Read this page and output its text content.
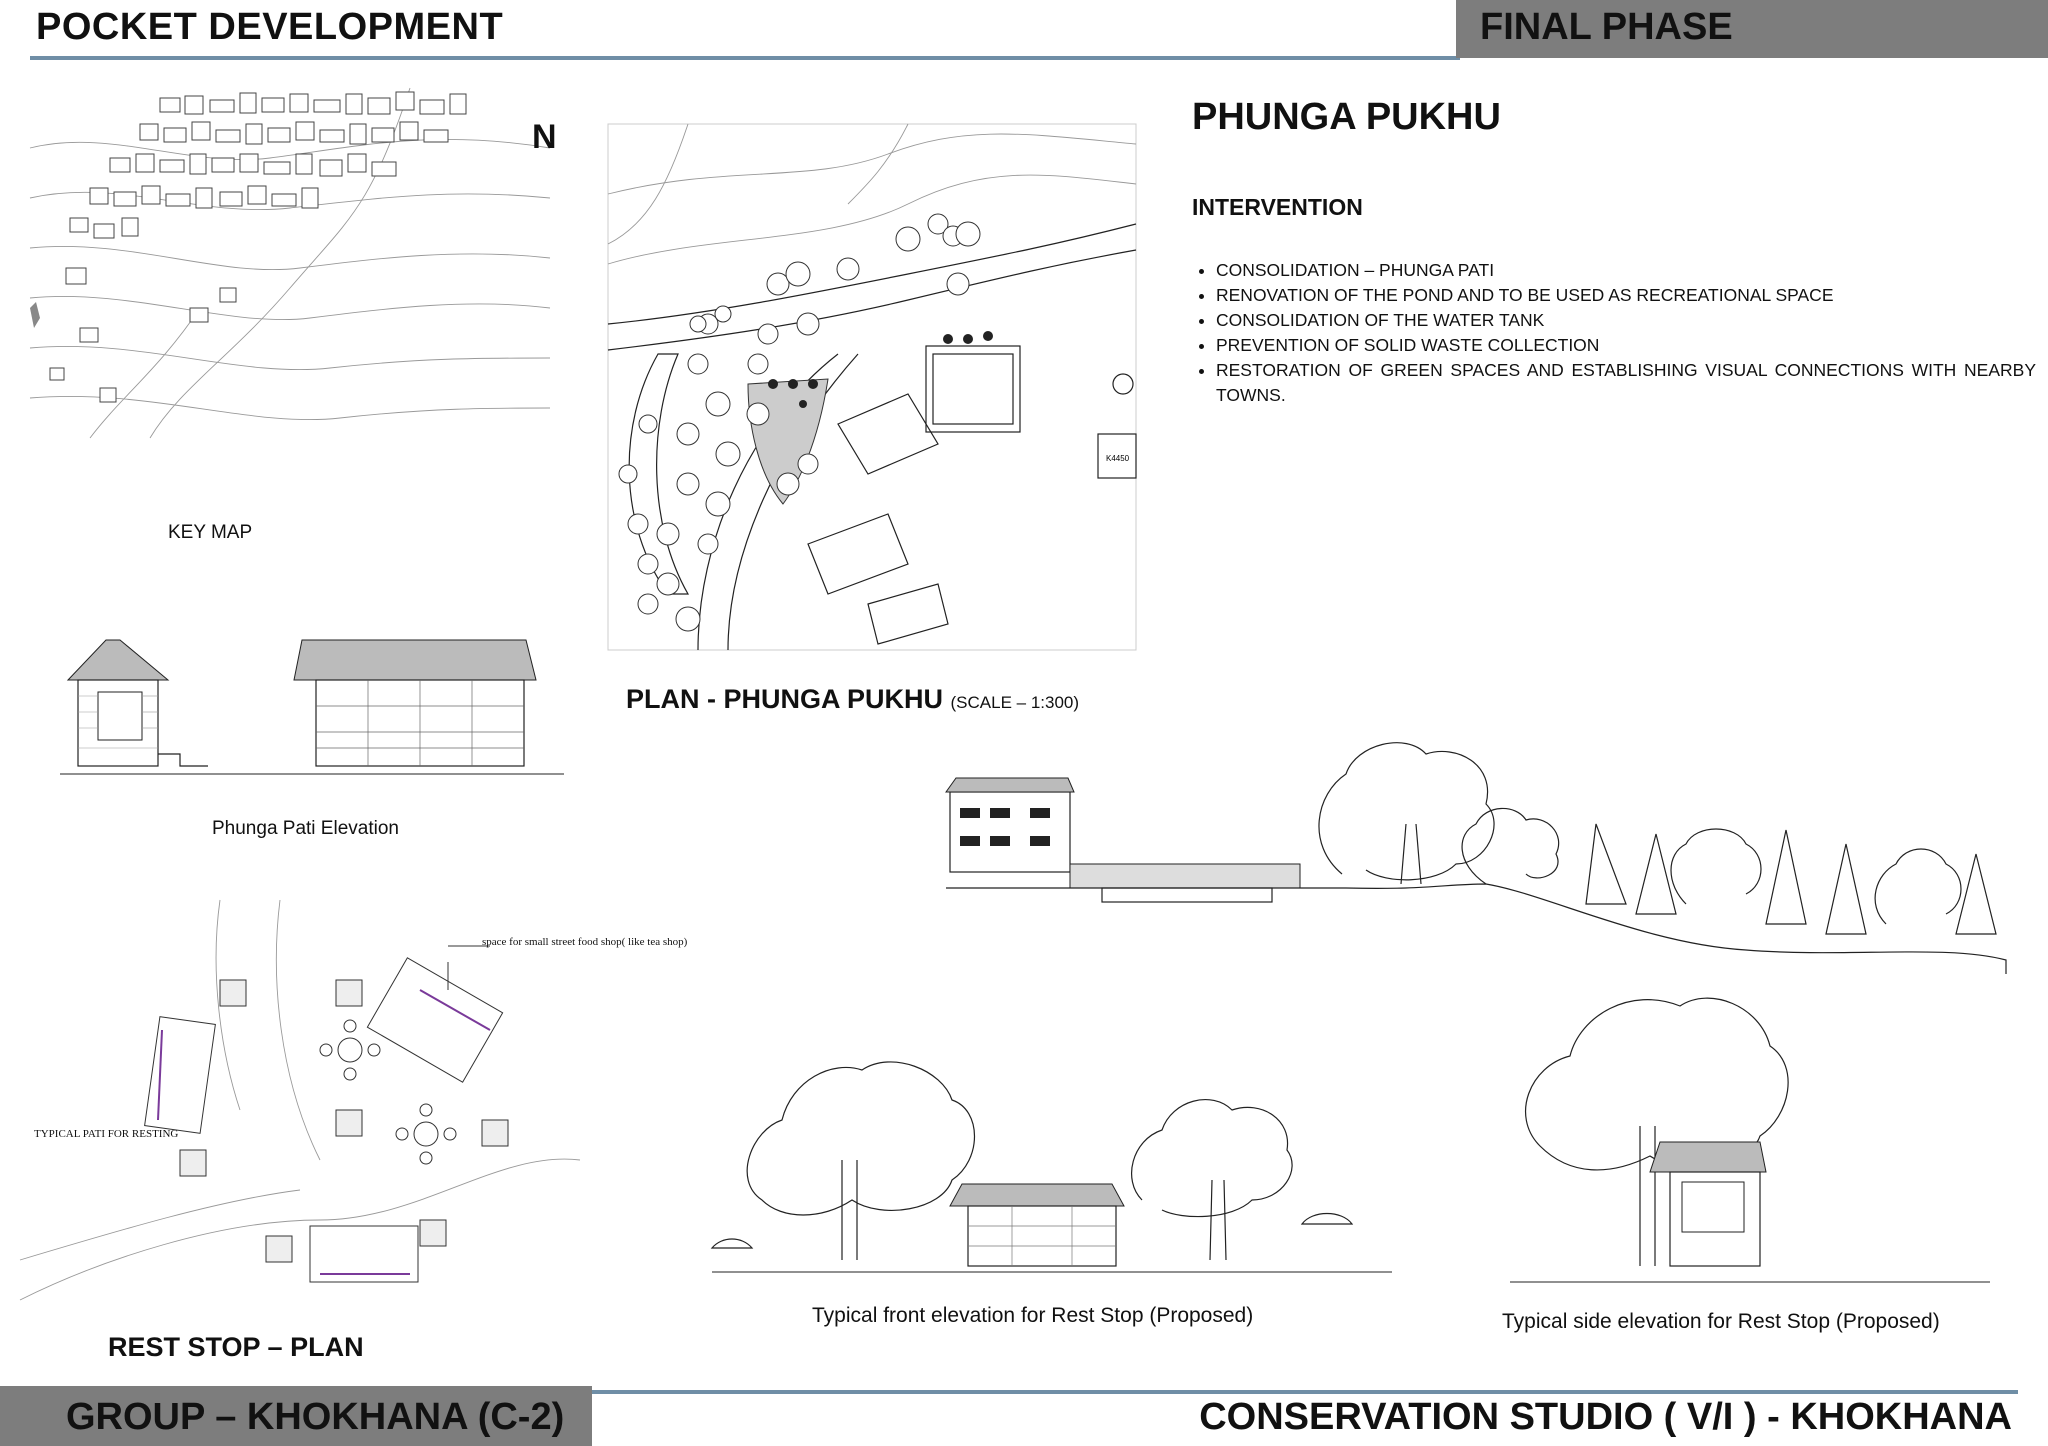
POCKET DEVELOPMENT	FINAL PHASE
N
KEY MAP
K4450
PLAN - PHUNGA PUKHU (SCALE – 1:300)
PHUNGA PUKHU
INTERVENTION
• CONSOLIDATION – PHUNGA PATI
• RENOVATION OF THE POND AND TO BE USED AS RECREATIONAL SPACE
• CONSOLIDATION OF THE WATER TANK
• PREVENTION OF SOLID WASTE COLLECTION
• RESTORATION OF GREEN SPACES AND ESTABLISHING VISUAL CONNECTIONS WITH NEARBY TOWNS.
Phunga Pati Elevation
space for small street food shop( like tea shop)
TYPICAL PATI FOR RESTING
REST STOP – PLAN
Typical front elevation for Rest Stop (Proposed)	Typical side elevation for Rest Stop (Proposed)
GROUP – KHOKHANA (C-2)	CONSERVATION STUDIO ( V/I ) - KHOKHANA
